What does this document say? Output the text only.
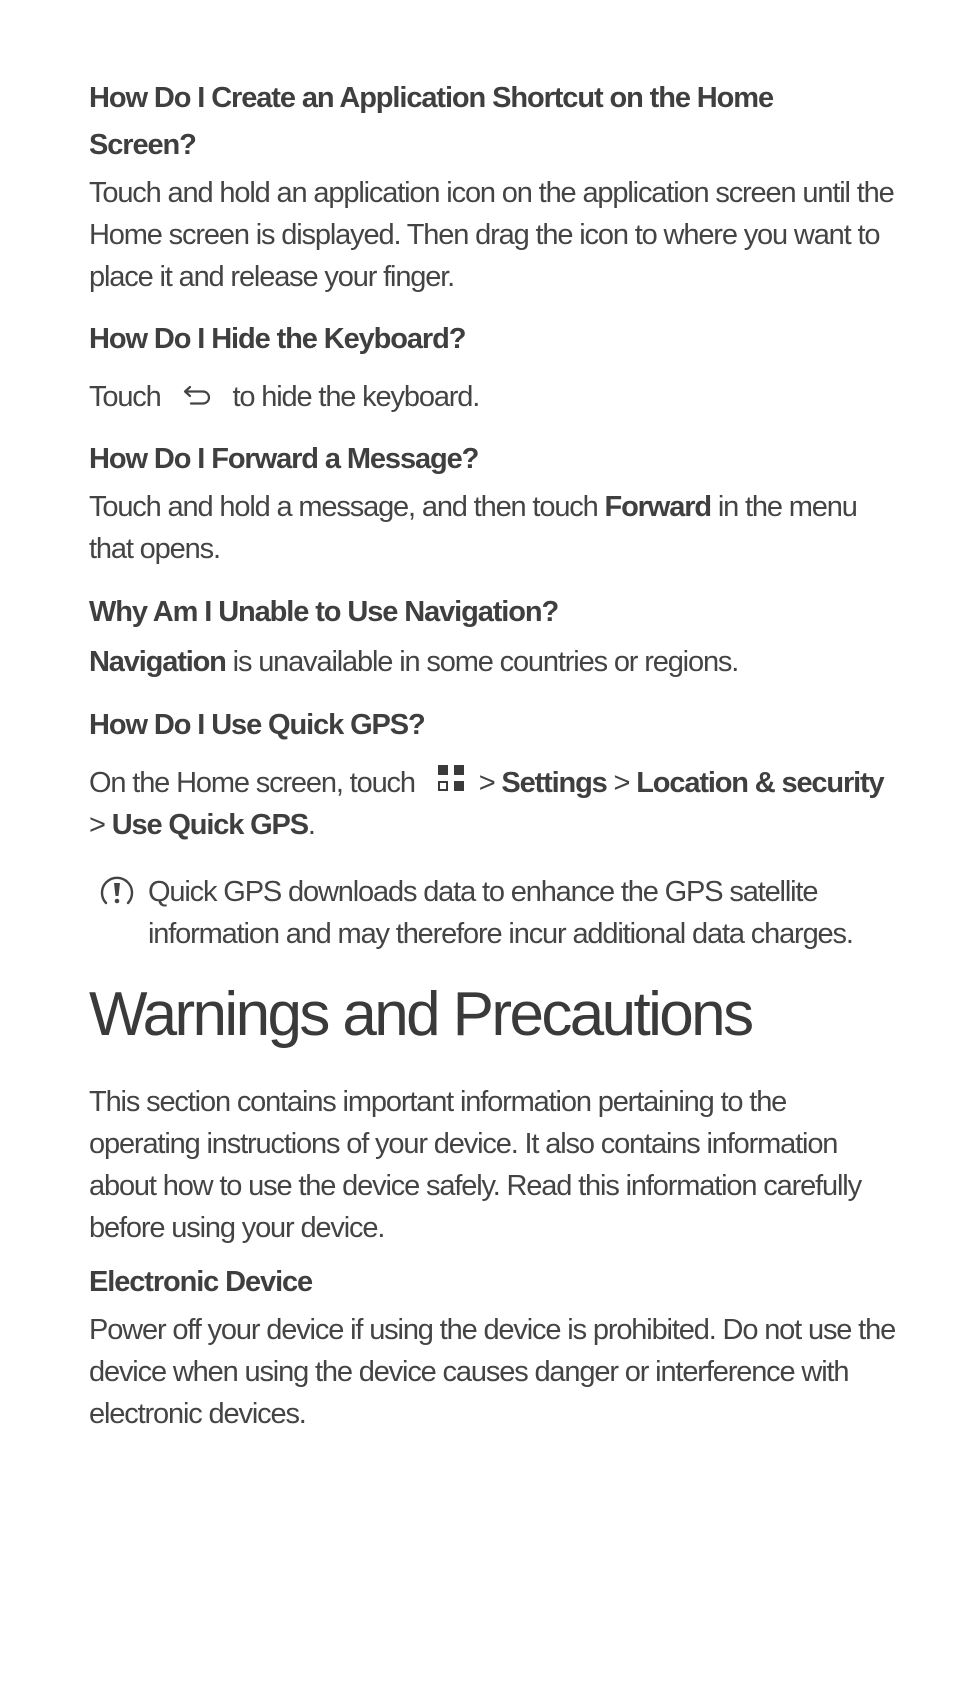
How Do I Create an Application Shortcut on the Home
Screen?
Touch and hold an application icon on the application screen until the
Home screen is displayed. Then drag the icon to where you want to
place it and release your finger.
How Do I Hide the Keyboard?
Touch to hide the keyboard.
How Do I Forward a Message?
Touch and hold a message, and then touch Forward in the menu
that opens.
Why Am I Unable to Use Navigation?
Navigation is unavailable in some countries or regions.
How Do I Use Quick GPS?
On the Home screen, touch  > Settings > Location & security
> Use Quick GPS.
Quick GPS downloads data to enhance the GPS satellite
information and may therefore incur additional data charges.
Warnings and Precautions
This section contains important information pertaining to the
operating instructions of your device. It also contains information
about how to use the device safely. Read this information carefully
before using your device.
Electronic Device
Power off your device if using the device is prohibited. Do not use the
device when using the device causes danger or interference with
electronic devices.
